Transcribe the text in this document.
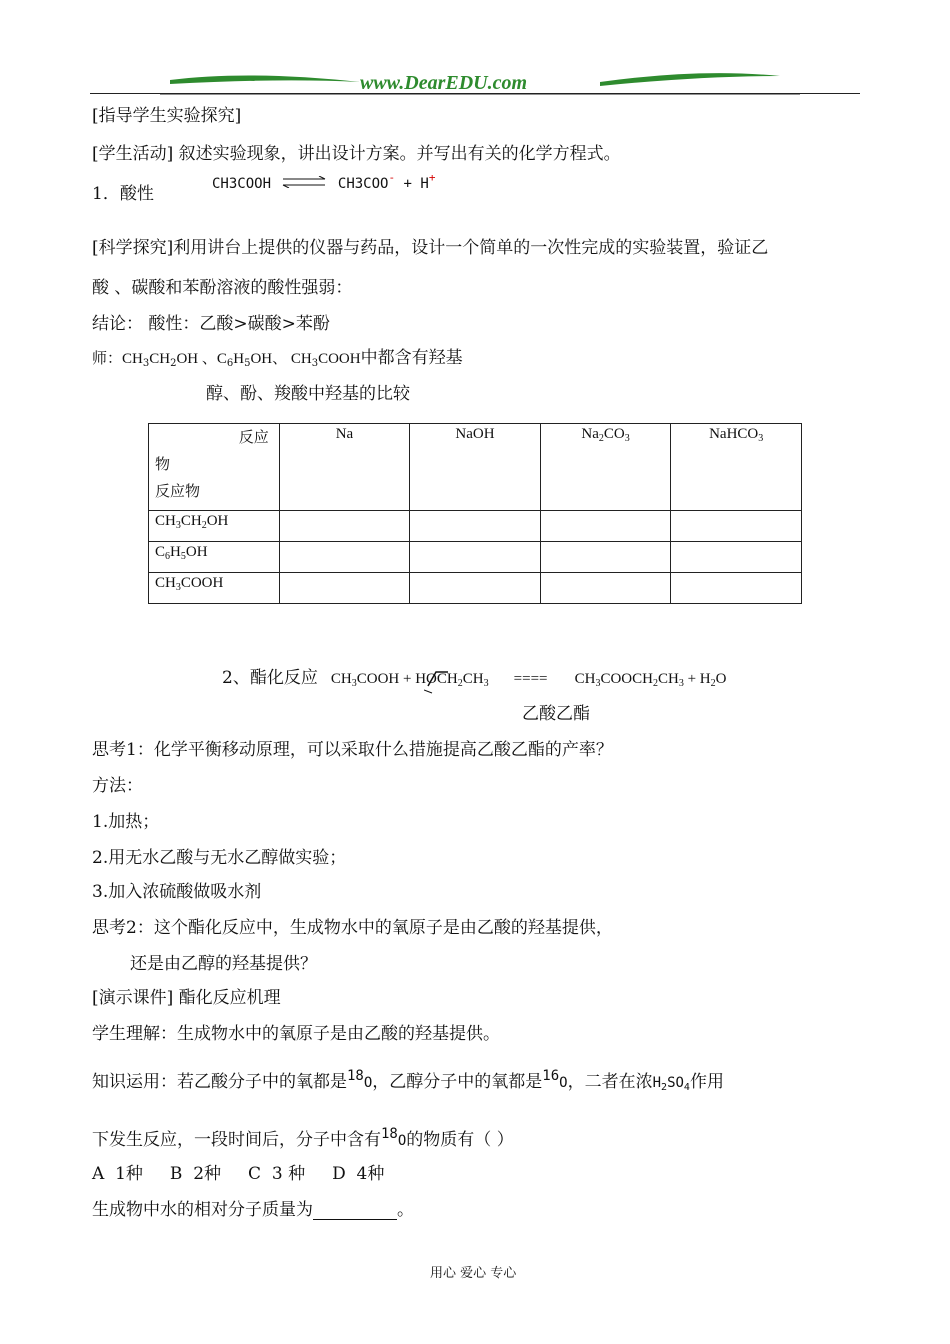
www.DearEDU.com
[指导学生实验探究]
[学生活动] 叙述实验现象，讲出设计方案。并写出有关的化学方程式。
1．酸性	CH3COOH ⇌ CH3COO- + H+
[科学探究]利用讲台上提供的仪器与药品，设计一个简单的一次性完成的实验装置，验证乙
酸 、碳酸和苯酚溶液的酸性强弱：
结论： 酸性：乙酸>碳酸>苯酚
师：$CH_3CH_2OH$ 、$C_6H_5OH$、 $CH_3COOH$中都含有羟基
醇、酚、羧酸中羟基的比较
反应
物
反应物	Na	NaOH	$Na_2CO_3$	NaHCO$_3$
$CH_3CH_2OH$				
$C_6H_5OH$				
$CH_3COOH$				
2、酯化反应 $CH_3COOH$ + $HOCH_2CH_3$ ==== $CH_3COOCH_2CH_3 + H_2O$
乙酸乙酯
思考1：化学平衡移动原理，可以采取什么措施提高乙酸乙酯的产率？
方法：
1.加热；
2.用无水乙酸与无水乙醇做实验；
3.加入浓硫酸做吸水剂
思考2：这个酯化反应中，生成物水中的氧原子是由乙酸的羟基提供，
还是由乙醇的羟基提供？
[演示课件] 酯化反应机理
学生理解：生成物水中的氧原子是由乙酸的羟基提供。
知识运用：若乙酸分子中的氧都是$^{18}$O，乙醇分子中的氧都是$^{16}$O，二者在浓$H_2SO_4$作用
下发生反应，一段时间后，分子中含有$^{18}$O的物质有（ ）
A  1种     B  2种     C  3 种     D  4种
生成物中水的相对分子质量为	。
用心 爱心 专心
